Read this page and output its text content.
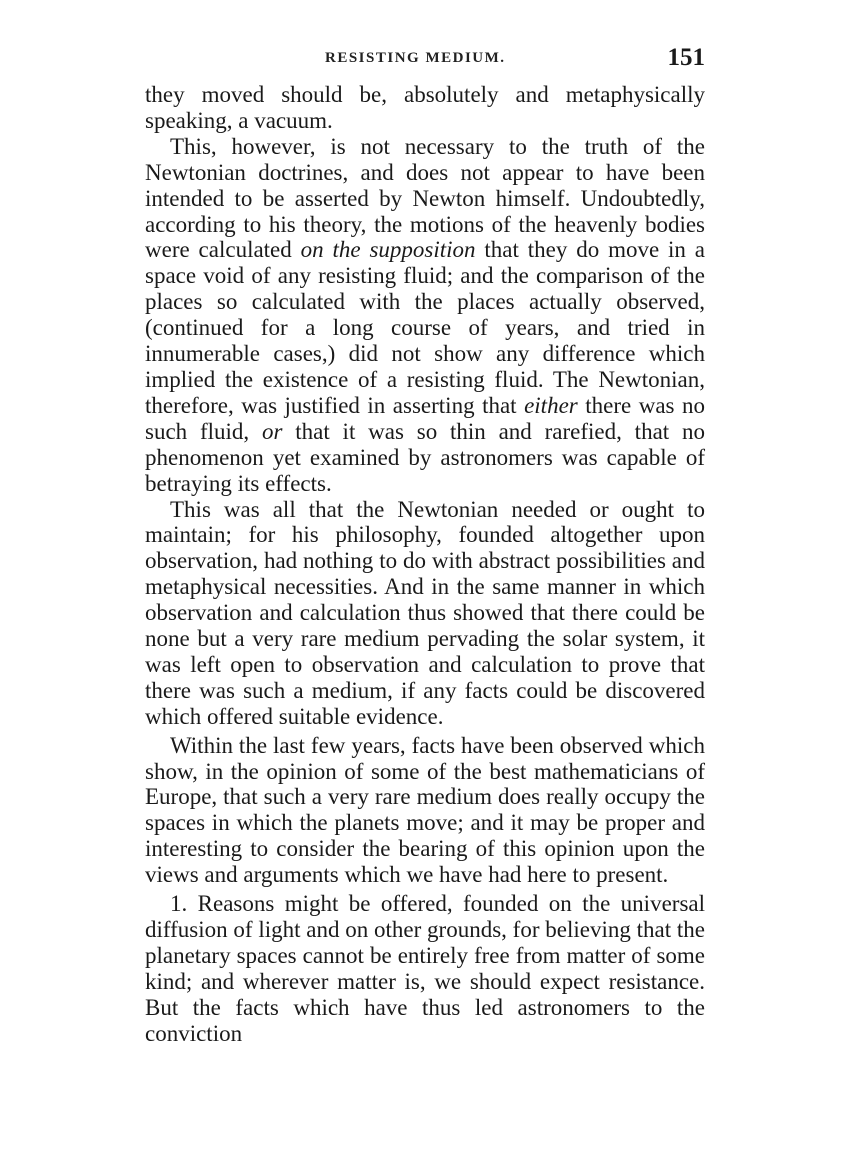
RESISTING MEDIUM.	151

they moved should be, absolutely and metaphysically speaking, a vacuum.

This, however, is not necessary to the truth of the Newtonian doctrines, and does not appear to have been intended to be asserted by Newton himself. Undoubtedly, according to his theory, the motions of the heavenly bodies were calculated on the supposition that they do move in a space void of any resisting fluid; and the comparison of the places so calculated with the places actually observed, (continued for a long course of years, and tried in innumerable cases,) did not show any difference which implied the existence of a resisting fluid. The Newtonian, therefore, was justified in asserting that either there was no such fluid, or that it was so thin and rarefied, that no phenomenon yet examined by astronomers was capable of betraying its effects.

This was all that the Newtonian needed or ought to maintain; for his philosophy, founded altogether upon observation, had nothing to do with abstract possibilities and metaphysical necessities. And in the same manner in which observation and calculation thus showed that there could be none but a very rare medium pervading the solar system, it was left open to observation and calculation to prove that there was such a medium, if any facts could be discovered which offered suitable evidence.

Within the last few years, facts have been observed which show, in the opinion of some of the best mathematicians of Europe, that such a very rare medium does really occupy the spaces in which the planets move; and it may be proper and interesting to consider the bearing of this opinion upon the views and arguments which we have had here to present.

1. Reasons might be offered, founded on the universal diffusion of light and on other grounds, for believing that the planetary spaces cannot be entirely free from matter of some kind; and wherever matter is, we should expect resistance. But the facts which have thus led astronomers to the conviction
